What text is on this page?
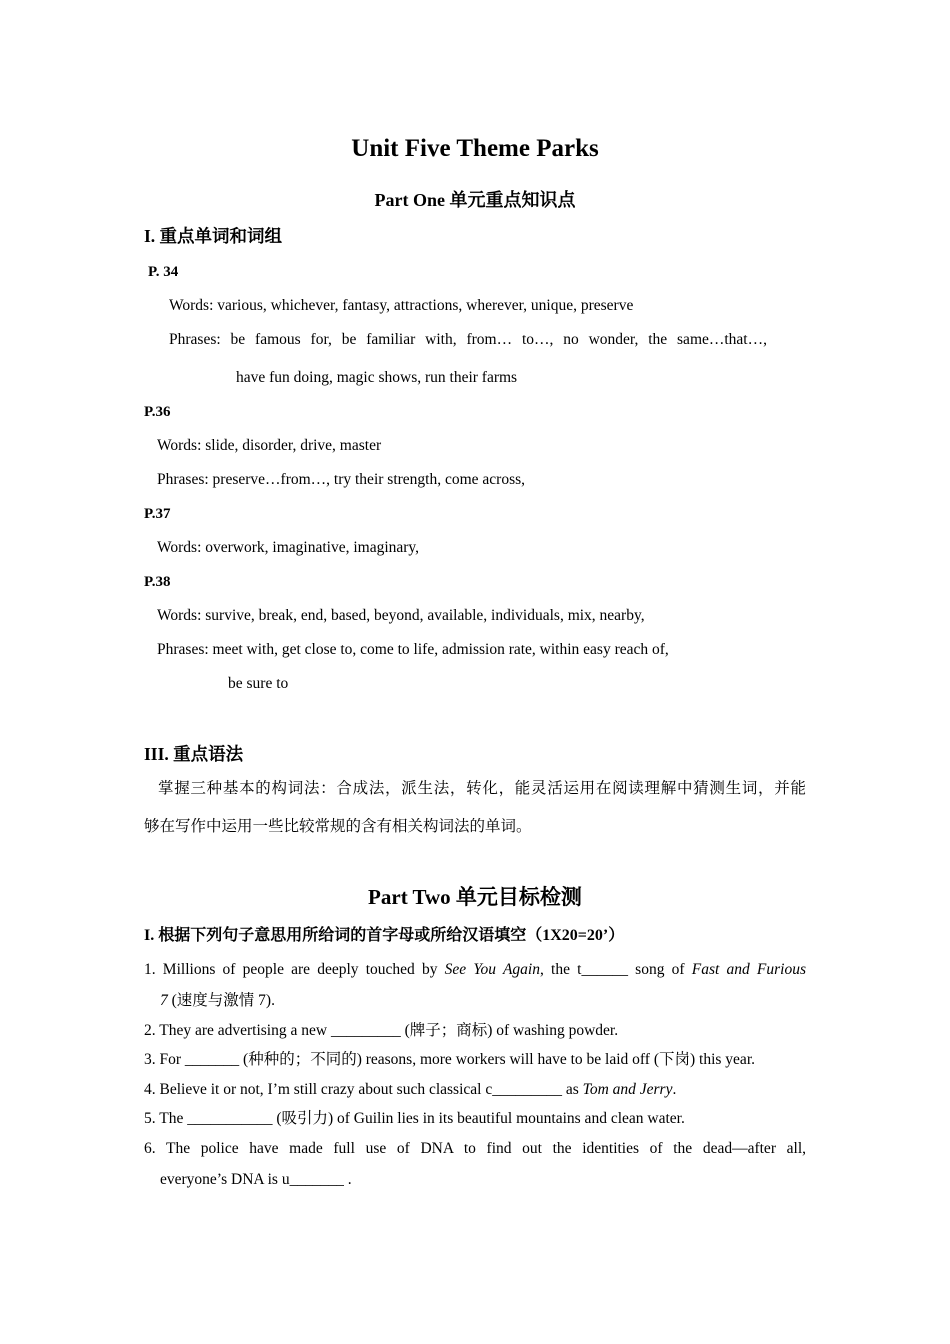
Unit Five Theme Parks
Part One 单元重点知识点
I. 重点单词和词组
P. 34
Words: various, whichever, fantasy, attractions, wherever, unique, preserve
Phrases: be famous for, be familiar with, from… to…, no wonder, the same…that…,
have fun doing, magic shows, run their farms
P.36
Words: slide, disorder, drive, master
Phrases: preserve…from…, try their strength, come across,
P.37
Words: overwork, imaginative, imaginary,
P.38
Words: survive, break, end, based, beyond, available, individuals, mix, nearby,
Phrases: meet with, get close to, come to life, admission rate, within easy reach of,
be sure to
III. 重点语法
掌握三种基本的构词法：合成法，派生法，转化，能灵活运用在阅读理解中猜测生词，并能
够在写作中运用一些比较常规的含有相关构词法的单词。
Part Two 单元目标检测
I. 根据下列句子意思用所给词的首字母或所给汉语填空（1X20=20’）
1. Millions of people are deeply touched by See You Again, the t______ song of Fast and Furious
7 (速度与激情 7).
2. They are advertising a new _________ (牌子；商标) of washing powder.
3. For _______ (种种的；不同的) reasons, more workers will have to be laid off (下岗) this year.
4. Believe it or not, I’m still crazy about such classical c_________ as Tom and Jerry.
5. The ___________ (吸引力) of Guilin lies in its beautiful mountains and clean water.
6. The police have made full use of DNA to find out the identities of the dead—after all,
everyone’s DNA is u_______ .
